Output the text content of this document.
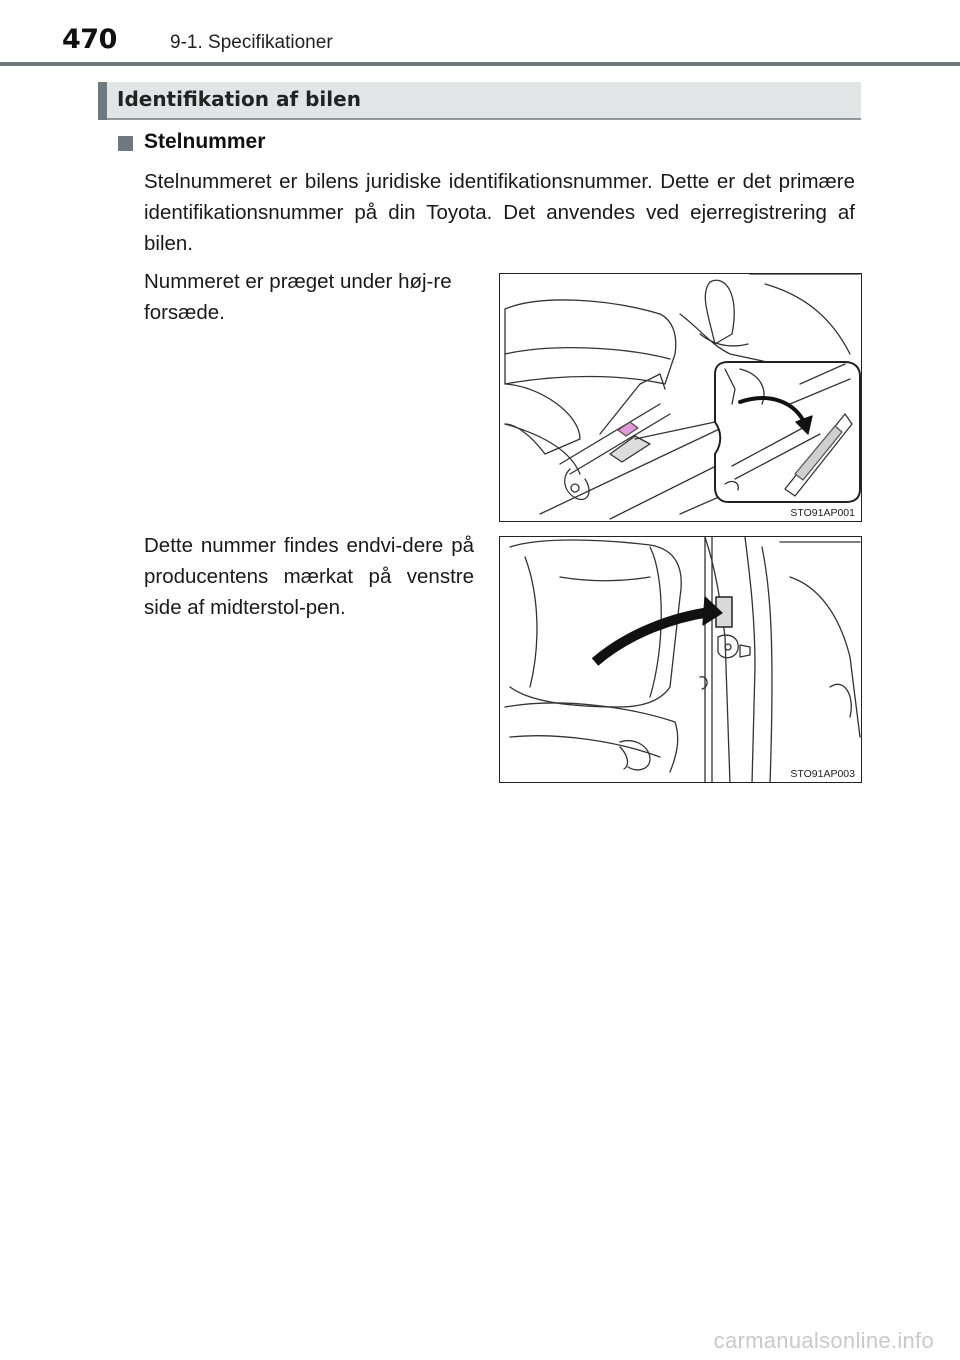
470	9-1. Specifikationer
Identifikation af bilen
Stelnummer

Stelnummeret er bilens juridiske identifikationsnummer. Dette er det primære identifikationsnummer på din Toyota. Det anvendes ved ejerregistrering af bilen.

Nummeret er præget under høj-re forsæde.

Dette nummer findes endvi-dere på producentens mærkat på venstre side af midterstol-pen.

STO91AP001
STO91AP003
carmanualsonline.info
